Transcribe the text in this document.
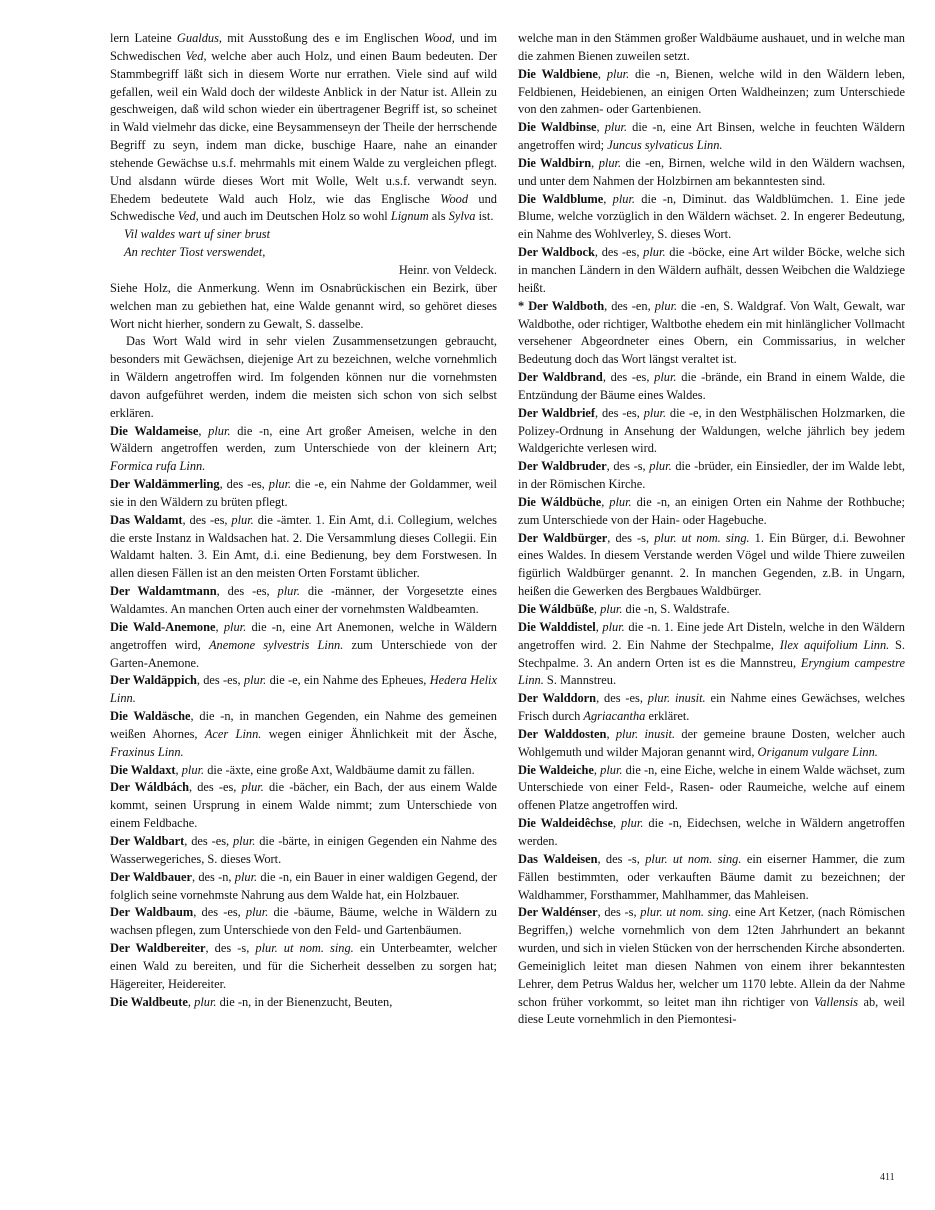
lern Lateine Gualdus, mit Ausstoßung des e im Englischen Wood, und im Schwedischen Ved, welche aber auch Holz, und einen Baum bedeuten. Der Stammbegriff läßt sich in diesem Worte nur errathen. Viele sind auf wild gefallen, weil ein Wald doch der wildeste Anblick in der Natur ist. Allein zu geschweigen, daß wild schon wieder ein übertragener Begriff ist, so scheinet in Wald vielmehr das dicke, eine Beysammenseyn der Theile der herrschende Begriff zu seyn, indem man dicke, buschige Haare, nahe an einander stehende Gewächse u.s.f. mehrmahls mit einem Walde zu vergleichen pflegt. Und alsdann würde dieses Wort mit Wolle, Welt u.s.f. verwandt seyn. Ehedem bedeutete Wald auch Holz, wie das Englische Wood und Schwedische Ved, und auch im Deutschen Holz so wohl Lignum als Sylva ist.

Vil waldes wart uf siner brust

An rechter Tiost verswendet,

Heinr. von Veldeck.

Siehe Holz, die Anmerkung. Wenn im Osnabrückischen ein Bezirk, über welchen man zu gebiethen hat, eine Walde genannt wird, so gehöret dieses Wort nicht hierher, sondern zu Gewalt, S. dasselbe.

Das Wort Wald wird in sehr vielen Zusammensetzungen gebraucht, besonders mit Gewächsen, diejenige Art zu bezeichnen, welche vornehmlich in Wäldern angetroffen wird. Im folgenden können nur die vornehmsten davon aufgeführet werden, indem die meisten sich schon von sich selbst erklären.

Die Waldameise, plur. die -n, eine Art großer Ameisen, welche in den Wäldern angetroffen werden, zum Unterschiede von der kleinern Art; Formica rufa Linn.

Der Waldämmerling, des -es, plur. die -e, ein Nahme der Goldammer, weil sie in den Wäldern zu brüten pflegt.

Das Waldamt, des -es, plur. die -ämter. 1. Ein Amt, d.i. Collegium, welches die erste Instanz in Waldsachen hat. 2. Die Versammlung dieses Collegii. Ein Waldamt halten. 3. Ein Amt, d.i. eine Bedienung, bey dem Forstwesen. In allen diesen Fällen ist an den meisten Orten Forstamt üblicher.

Der Waldamtmann, des -es, plur. die -männer, der Vorgesetzte eines Waldamtes. An manchen Orten auch einer der vornehmsten Waldbeamten.

Die Wald-Anemone, plur. die -n, eine Art Anemonen, welche in Wäldern angetroffen wird, Anemone sylvestris Linn. zum Unterschiede von der Garten-Anemone.

Der Waldäppich, des -es, plur. die -e, ein Nahme des Epheues, Hedera Helix Linn.

Die Waldäsche, die -n, in manchen Gegenden, ein Nahme des gemeinen weißen Ahornes, Acer Linn. wegen einiger Ähnlichkeit mit der Äsche, Fraxinus Linn.

Die Waldaxt, plur. die -äxte, eine große Axt, Waldbäume damit zu fällen.

Der Wáldbách, des -es, plur. die -bächer, ein Bach, der aus einem Walde kommt, seinen Ursprung in einem Walde nimmt; zum Unterschiede von einem Feldbache.

Der Waldbart, des -es, plur. die -bärte, in einigen Gegenden ein Nahme des Wasserwegeriches, S. dieses Wort.

Der Waldbauer, des -n, plur. die -n, ein Bauer in einer waldigen Gegend, der folglich seine vornehmste Nahrung aus dem Walde hat, ein Holzbauer.

Der Waldbaum, des -es, plur. die -bäume, Bäume, welche in Wäldern zu wachsen pflegen, zum Unterschiede von den Feld- und Gartenbäumen.

Der Waldbereiter, des -s, plur. ut nom. sing. ein Unterbeamter, welcher einen Wald zu bereiten, und für die Sicherheit desselben zu sorgen hat; Hägereiter, Heidereiter.

Die Waldbeute, plur. die -n, in der Bienenzucht, Beuten,

welche man in den Stämmen großer Waldbäume aushauet, und in welche man die zahmen Bienen zuweilen setzt.

Die Waldbiene, plur. die -n, Bienen, welche wild in den Wäldern leben, Feldbienen, Heidebienen, an einigen Orten Waldheinzen; zum Unterschiede von den zahmen- oder Gartenbienen.

Die Waldbinse, plur. die -n, eine Art Binsen, welche in feuchten Wäldern angetroffen wird; Juncus sylvaticus Linn.

Die Waldbirn, plur. die -en, Birnen, welche wild in den Wäldern wachsen, und unter dem Nahmen der Holzbirnen am bekanntesten sind.

Die Waldblume, plur. die -n, Diminut. das Waldblümchen. 1. Eine jede Blume, welche vorzüglich in den Wäldern wächset. 2. In engerer Bedeutung, ein Nahme des Wohlverley, S. dieses Wort.

Der Waldbock, des -es, plur. die -böcke, eine Art wilder Böcke, welche sich in manchen Ländern in den Wäldern aufhält, dessen Weibchen die Waldziege heißt.

* Der Waldboth, des -en, plur. die -en, S. Waldgraf. Von Walt, Gewalt, war Waldbothe, oder richtiger, Waltbothe ehedem ein mit hinlänglicher Vollmacht versehener Abgeordneter eines Obern, ein Commissarius, in welcher Bedeutung doch das Wort längst veraltet ist.

Der Waldbrand, des -es, plur. die -brände, ein Brand in einem Walde, die Entzündung der Bäume eines Waldes.

Der Waldbrief, des -es, plur. die -e, in den Westphälischen Holzmarken, die Polizey-Ordnung in Ansehung der Waldungen, welche jährlich bey jedem Waldgerichte verlesen wird.

Der Waldbruder, des -s, plur. die -brüder, ein Einsiedler, der im Walde lebt, in der Römischen Kirche.

Die Wáldbüche, plur. die -n, an einigen Orten ein Nahme der Rothbuche; zum Unterschiede von der Hain- oder Hagebuche.

Der Waldbürger, des -s, plur. ut nom. sing. 1. Ein Bürger, d.i. Bewohner eines Waldes. In diesem Verstande werden Vögel und wilde Thiere zuweilen figürlich Waldbürger genannt. 2. In manchen Gegenden, z.B. in Ungarn, heißen die Gewerken des Bergbaues Waldbürger.

Die Wáldbüße, plur. die -n, S. Waldstrafe.

Die Walddistel, plur. die -n. 1. Eine jede Art Disteln, welche in den Wäldern angetroffen wird. 2. Ein Nahme der Stechpalme, Ilex aquifolium Linn. S. Stechpalme. 3. An andern Orten ist es die Mannstreu, Eryngium campestre Linn. S. Mannstreu.

Der Walddorn, des -es, plur. inusit. ein Nahme eines Gewächses, welches Frisch durch Agriacantha erkläret.

Der Walddosten, plur. inusit. der gemeine braune Dosten, welcher auch Wohlgemuth und wilder Majoran genannt wird, Origanum vulgare Linn.

Die Waldeiche, plur. die -n, eine Eiche, welche in einem Walde wächset, zum Unterschiede von einer Feld-, Rasen- oder Raumeiche, welche auf einem offenen Platze angetroffen wird.

Die Waldeidêchse, plur. die -n, Eidechsen, welche in Wäldern angetroffen werden.

Das Waldeisen, des -s, plur. ut nom. sing. ein eiserner Hammer, die zum Fällen bestimmten, oder verkauften Bäume damit zu bezeichnen; der Waldhammer, Forsthammer, Mahlhammer, das Mahleisen.

Der Waldénser, des -s, plur. ut nom. sing. eine Art Ketzer, (nach Römischen Begriffen,) welche vornehmlich von dem 12ten Jahrhundert an bekannt wurden, und sich in vielen Stücken von der herrschenden Kirche absonderten. Gemeiniglich leitet man diesen Nahmen von einem ihrer bekanntesten Lehrer, dem Petrus Waldus her, welcher um 1170 lebte. Allein da der Nahme schon früher vorkommt, so leitet man ihn richtiger von Vallensis ab, weil diese Leute vornehmlich in den Piemontesi-

411
